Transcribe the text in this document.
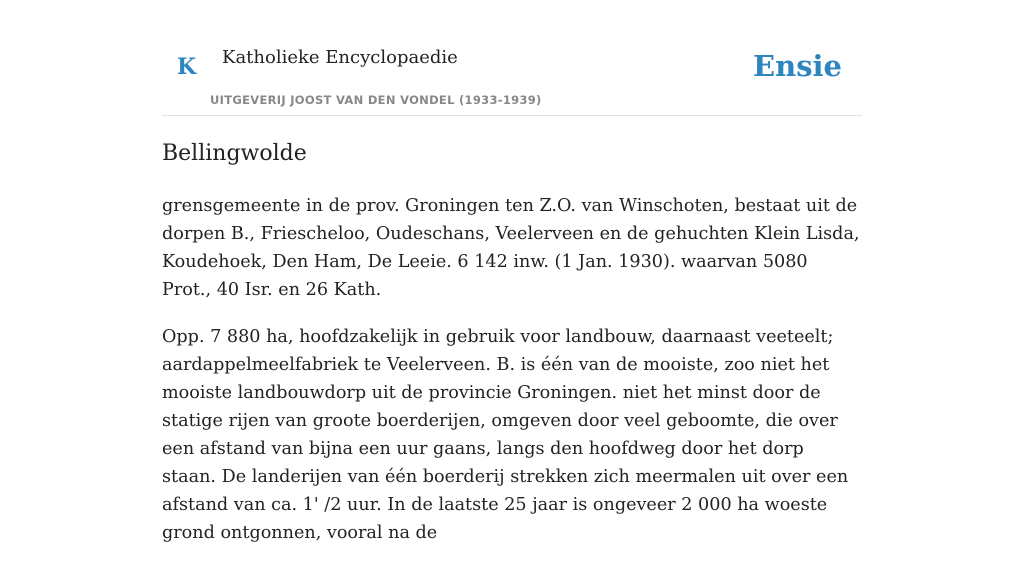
K Katholieke Encyclopaedie
UITGEVERIJ JOOST VAN DEN VONDEL (1933-1939)
Ensie
Bellingwolde

grensgemeente in de prov. Groningen ten Z.O. van Winschoten, bestaat uit de dorpen B., Friescheloo, Oudeschans, Veelerveen en de gehuchten Klein Lisda, Koudehoek, Den Ham, De Leeie. 6 142 inw. (1 Jan. 1930). waarvan 5080 Prot., 40 Isr. en 26 Kath.

Opp. 7 880 ha, hoofdzakelijk in gebruik voor landbouw, daarnaast veeteelt; aardappelmeelfabriek te Veelerveen. B. is één van de mooiste, zoo niet het mooiste landbouwdorp uit de provincie Groningen. niet het minst door de statige rijen van groote boerderijen, omgeven door veel geboomte, die over een afstand van bijna een uur gaans, langs den hoofdweg door het dorp staan. De landerijen van één boerderij strekken zich meermalen uit over een afstand van ca. 1' /2 uur. In de laatste 25 jaar is ongeveer 2 000 ha woeste grond ontgonnen, vooral na de
